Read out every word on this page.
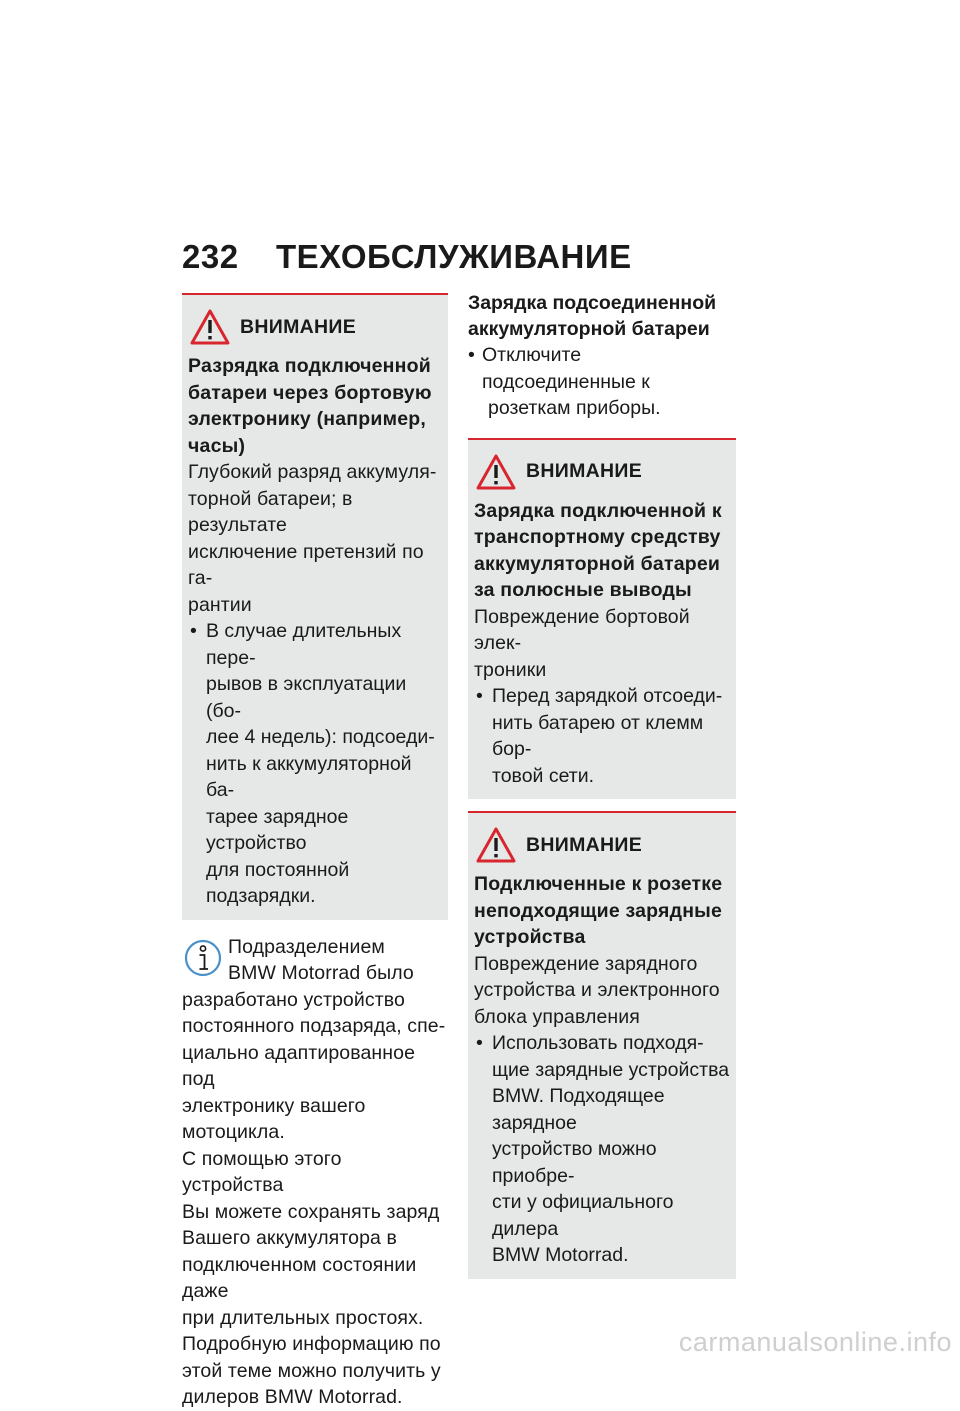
232 ТЕХОБСЛУЖИВАНИЕ
ВНИМАНИЕ
Разрядка подключенной
батареи через бортовую
электронику (например,
часы)
Глубокий разряд аккумуля-
торной батареи; в результате
исключение претензий по га-
рантии
• В случае длительных пере-
рывов в эксплуатации (бо-
лее 4 недель): подсоеди-
нить к аккумуляторной ба-
тарее зарядное устройство
для постоянной подзарядки.
Подразделением
BMW Motorrad было
разработано устройство
постоянного подзаряда, спе-
циально адаптированное под
электронику вашего мотоцикла.
С помощью этого устройства
Вы можете сохранять заряд
Вашего аккумулятора в
подключенном состоянии даже
при длительных простоях.
Подробную информацию по
этой теме можно получить у
дилеров BMW Motorrad.
Зарядка подсоединенной
аккумуляторной батареи
• Отключите подсоединенные к
розеткам приборы.
ВНИМАНИЕ
Зарядка подключенной к
транспортному средству
аккумуляторной батареи
за полюсные выводы
Повреждение бортовой элек-
троники
• Перед зарядкой отсоеди-
нить батарею от клемм бор-
товой сети.
ВНИМАНИЕ
Подключенные к розетке
неподходящие зарядные
устройства
Повреждение зарядного
устройства и электронного
блока управления
• Использовать подходя-
щие зарядные устройства
BMW. Подходящее зарядное
устройство можно приобре-
сти у официального дилера
BMW Motorrad.
carmanualsonline.info
